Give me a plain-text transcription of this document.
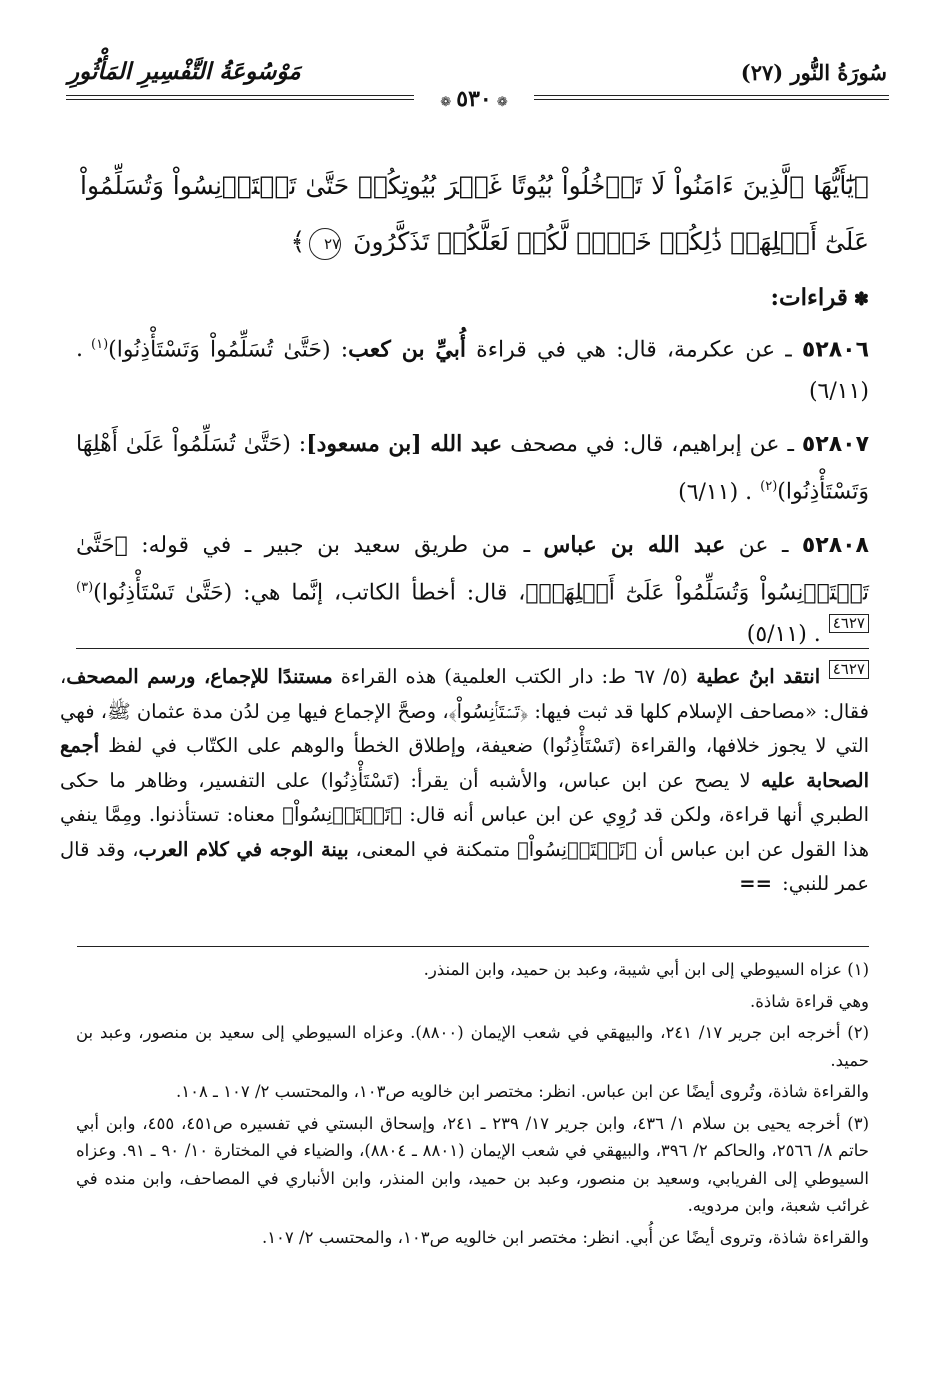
سُورَةُ النُّور (٢٧)
مَوْسُوعَةُ التَّفْسِيرِ المَأْثُورِ
❁ ٥٣٠ ❁
﴿يَٰٓأَيُّهَا ٱلَّذِينَ ءَامَنُواْ لَا تَدۡخُلُواْ بُيُوتًا غَيۡرَ بُيُوتِكُمۡ حَتَّىٰ تَسۡتَأۡنِسُواْ وَتُسَلِّمُواْ عَلَىٰٓ أَهۡلِهَاۚ ذَٰلِكُمۡ خَيۡرٞ لَّكُمۡ لَعَلَّكُمۡ تَذَكَّرُونَ ٢٧﴾
✽قراءات:
٥٢٨٠٦ ـ عن عكرمة، قال: هي في قراءة أُبيِّ بن كعب: (حَتَّىٰ تُسَلِّمُواْ وَتَسْتَأْذِنُوا)$^{(١)}$. (٦/١١)
٥٢٨٠٧ ـ عن إبراهيم، قال: في مصحف عبد الله [بن مسعود]: (حَتَّىٰ تُسَلِّمُواْ عَلَىٰ أَهْلِهَا وَتَسْتَأْذِنُوا)$^{(٢)}$. (٦/١١)
٥٢٨٠٨ ـ عن عبد الله بن عباس ـ من طريق سعيد بن جبير ـ في قوله: ﴿حَتَّىٰ تَسۡتَأۡنِسُواْ وَتُسَلِّمُواْ عَلَىٰٓ أَهۡلِهَاۚ﴾، قال: أخطأ الكاتب، إنَّما هي: (حَتَّىٰ تَسْتَأْذِنُوا)$^{(٣)}$٤٦٢٧. (٥/١١)
٤٦٢٧ انتقد ابنُ عطية (٥/ ٦٧ ط: دار الكتب العلمية) هذه القراءة مستندًا للإجماع، ورسم المصحف، فقال: «مصاحف الإسلام كلها قد ثبت فيها: ﴿تَسۡتَأۡنِسُواْ﴾، وصحَّ الإجماع فيها مِن لدُن مدة عثمان ﷺ، فهي التي لا يجوز خلافها، والقراءة (تَسْتَأْذِنُوا) ضعيفة، وإطلاق الخطأ والوهم على الكتّاب في لفظ أجمع الصحابة عليه لا يصح عن ابن عباس، والأشبه أن يقرأ: (تَسْتَأْذِنُوا) على التفسير، وظاهر ما حكى الطبري أنها قراءة، ولكن قد رُوِي عن ابن عباس أنه قال: ﴿تَسۡتَأۡنِسُواْ﴾ معناه: تستأذنوا. ومِمَّا ينفي هذا القول عن ابن عباس أن ﴿تَسۡتَأۡنِسُواْ﴾ متمكنة في المعنى، بينة الوجه في كلام العرب، وقد قال عمر للنبي: ==

(١) عزاه السيوطي إلى ابن أبي شيبة، وعبد بن حميد، وابن المنذر.

وهي قراءة شاذة.

(٢) أخرجه ابن جرير ١٧/ ٢٤١، والبيهقي في شعب الإيمان (٨٨٠٠). وعزاه السيوطي إلى سعيد بن منصور، وعبد بن حميد.

والقراءة شاذة، وتُروى أيضًا عن ابن عباس. انظر: مختصر ابن خالويه ص١٠٣، والمحتسب ٢/ ١٠٧ ـ ١٠٨.

(٣) أخرجه يحيى بن سلام ١/ ٤٣٦، وابن جرير ١٧/ ٢٣٩ ـ ٢٤١، وإسحاق البستي في تفسيره ص٤٥١، ٤٥٥، وابن أبي حاتم ٨/ ٢٥٦٦، والحاكم ٢/ ٣٩٦، والبيهقي في شعب الإيمان (٨٨٠١ ـ ٨٨٠٤)، والضياء في المختارة ١٠/ ٩٠ ـ ٩١. وعزاه السيوطي إلى الفريابي، وسعيد بن منصور، وعبد بن حميد، وابن المنذر، وابن الأنباري في المصاحف، وابن منده في غرائب شعبة، وابن مردويه.

والقراءة شاذة، وتروى أيضًا عن أُبي. انظر: مختصر ابن خالويه ص١٠٣، والمحتسب ٢/ ١٠٧.
